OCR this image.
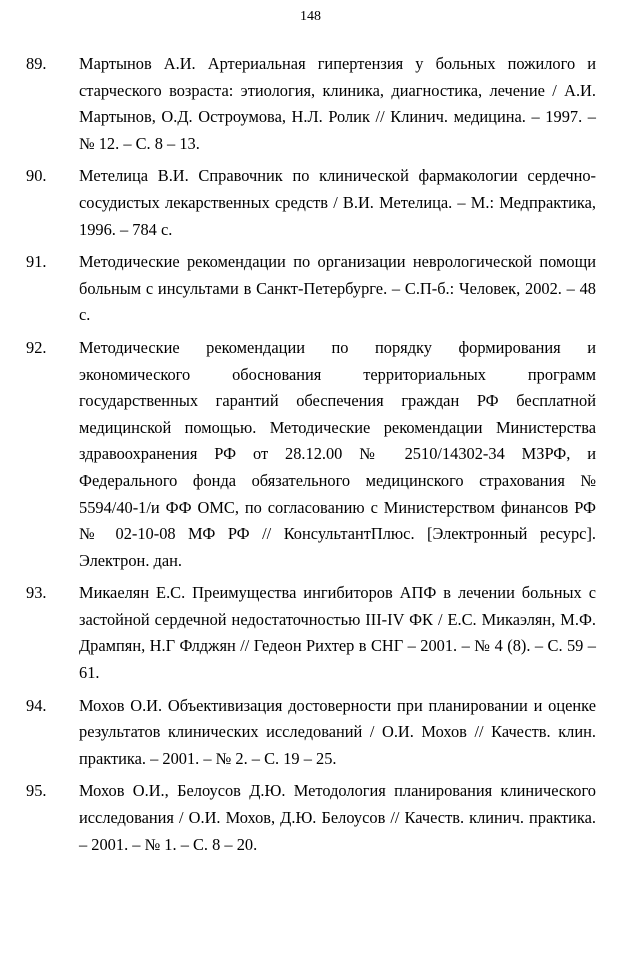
148
89.	Мартынов А.И. Артериальная гипертензия у больных пожилого и старческого возраста: этиология, клиника, диагностика, лечение / А.И. Мартынов, О.Д. Остроумова, Н.Л. Ролик // Клинич. медицина. – 1997. – № 12. – С. 8 – 13.
90.	Метелица В.И. Справочник по клинической фармакологии сердечно-сосудистых лекарственных средств / В.И. Метелица. – М.: Медпрактика, 1996. – 784 с.
91.	Методические рекомендации по организации неврологической помощи больным с инсультами в Санкт-Петербурге. – С.П-б.: Человек, 2002. – 48 с.
92.	Методические рекомендации по порядку формирования и экономического обоснования территориальных программ государственных гарантий обеспечения граждан РФ бесплатной медицинской помощью. Методические рекомендации Министерства здравоохранения РФ от 28.12.00 № 2510/14302-34 МЗРФ, и Федерального фонда обязательного медицинского страхования № 5594/40-1/и ФФ ОМС, по согласованию с Министерством финансов РФ № 02-10-08 МФ РФ // КонсультантПлюс. [Электронный ресурс]. Электрон. дан.
93.	Микаелян Е.С. Преимущества ингибиторов АПФ в лечении больных с застойной сердечной недостаточностью III-IV ФК / Е.С. Микаэлян, М.Ф. Дрампян, Н.Г Флджян // Гедеон Рихтер в СНГ – 2001. – № 4 (8). – С. 59 – 61.
94.	Мохов О.И. Объективизация достоверности при планировании и оценке результатов клинических исследований / О.И. Мохов // Качеств. клин. практика. – 2001. – № 2. – С. 19 – 25.
95.	Мохов О.И., Белоусов Д.Ю. Методология планирования клинического исследования / О.И. Мохов, Д.Ю. Белоусов // Качеств. клинич. практика. – 2001. – № 1. – С. 8 – 20.
